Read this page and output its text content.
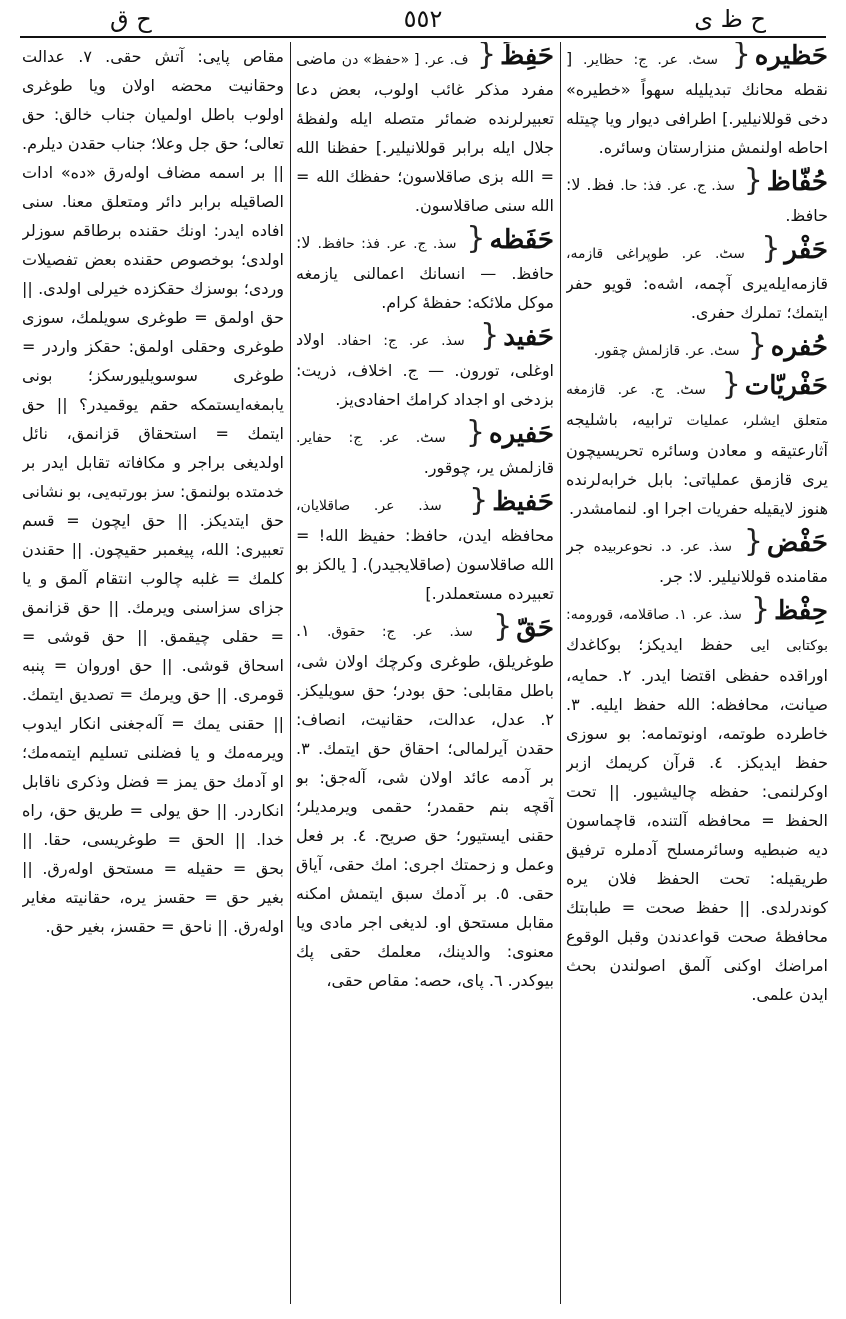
ح ظ ى
٥٥٢
ح ق
حَظيره{ سٹ. عر. ج: حظاير. [ نقطه محانك تبديليله سهواً «خطيره» دخى قوللانيلير.] اطرافى ديوار ويا چيتله احاطه اولنمش منزارستان وسائره.
حُفّاظ{ سذ. ج. عر. فذ: حا. فظ. ﻻ: حافظ.
حَفْر{ سٹ. عر. طوپراغى قازمه، قازمه‌ايله‌يرى آچمه، اشه‌ه: قويو حفر ايتمك؛ تملرك حفرى.
حُفره{ سٹ. عر. قازلمش چقور.
حَفْريّات{ سٹ. ج. عر. قازمغه متعلق ايشلر، عمليات ترابيه، باشليجه آثارعتيقه و معادن وسائره تحريسيچون يرى قازمق عملياتى: بابل خرابه‌لرنده هنوز لايقيله حفريات اجرا او. لنمامشدر.
حَفْض{ سذ. عر. د. نحوعربيده جر مقامنده قوللانيلير. ﻻ: جر.
حِفْظ{ سذ. عر. ١. صاقلامه، قورومه: بوكتابى ايى حفظ ايديكز؛ بوكاغدك اوراقده حفظى اقتضا ايدر. ٢. حمايه، صيانت، محافظه: الله حفظ ايليه. ٣. خاطرده طوتمه، اونوتمامه: بو سوزى حفظ ايديكز. ٤. قرآن كريمك ازبر اوكرلنمى: حفظه چاليشيور. || تحت الحفظ = محافظه آلتنده، قاچماسون ديه ضبطيه وسائرمسلح آدملره ترفيق طريقيله: تحت الحفظ فلان يره كوندرلدى. || حفظ صحت = طبابتك محافظهٔ صحت قواعدندن وقبل الوقوع امراضك اوكنى آلمق اصولندن بحث ايدن علمى.
حَفِظَ{ ف. عر. [ «حفظ» دن ماضى مفرد مذكر غائب اولوب، بعض دعا تعبيرلرنده ضمائر متصله ايله ولفظهٔ جلال ايله برابر قوللانيلير.] حفظنا الله = الله بزى صاقلاسون؛ حفظك الله = الله سنى صاقلاسون.
حَفَظه{ سذ. ج. عر. فذ: حافظ. ﻻ: حافظ. — انسانك اعمالنى يازمغه موكل ملائكه: حفظهٔ كرام.
حَفيد{ سذ. عر. ج: احفاد. اولاد اوغلى، تورون. — ج. اخلاف، ذريت: بزدخى او اجداد كرامك احفادى‌يز.
حَفيره{ سٹ. عر. ج: حفاير. قازلمش ير، چوقور.
حَفيظ{ سذ. عر. صاقلايان، محافظه ايدن، حافظ: حفيظ الله! = الله صاقلاسون (صاقلايجيدر). [ يالكز بو تعبيرده مستعملدر.]
حَقّ{ سذ. عر. ج: حقوق. ١. طوغريلق، طوغرى وكرچك اولان شى، باطل مقابلى: حق بودر؛ حق سويليكز. ٢. عدل، عدالت، حقانيت، انصاف: حقدن آيرلمالى؛ احقاق حق ايتمك. ٣. بر آدمه عائد اولان شى، آله‌جق: بو آقچه بنم حقمدر؛ حقمى ويرمديلر؛ حقنى ايستيور؛ حق صريح. ٤. بر فعل وعمل و زحمتك اجرى: امك حقى، آياق حقى. ٥. بر آدمك سبق ايتمش امكنه مقابل مستحق او. لديغى اجر مادى ويا معنوى: والدينك، معلمك حقى پك بيوكدر. ٦. پاى، حصه: مقاص حقى،

مقاص پايى: آتش حقى. ٧. عدالت وحقانيت محضه اولان ويا طوغرى اولوب باطل اولميان جناب خالق: حق تعالى؛ حق جل وعلا؛ جناب حقدن ديلرم. || بر اسمه مضاف اوله‌رق «ده» ادات الصاقيله برابر دائر ومتعلق معنا. سنى افاده ايدر: اونك حقنده برطاقم سوزلر اولدى؛ بوخصوص حقنده بعض تفصيلات وردى؛ بوسزك حقكزده خيرلى اولدى. || حق اولمق = طوغرى سويلمك، سوزى طوغرى وحقلى اولمق: حقكز واردر = طوغرى سوسويليورسكز؛ بونى يابمغه‌ايستمكه حقم يوقميدر؟ || حق ايتمك = استحقاق قزانمق، نائل اولديغى براجر و مكافاته تقابل ايدر بر خدمتده بولنمق: سز بورتبه‌يى، بو نشانى حق ايتديكز. || حق ايچون = قسم تعبيرى: الله، پيغمبر حقيچون. || حقندن كلمك = غلبه چالوب انتقام آلمق و يا جزاى سزاسنى ويرمك. || حق قزانمق = حقلى چيقمق. || حق قوشى = اسحاق قوشى. || حق اوروان = پنبه قومرى. || حق ويرمك = تصديق ايتمك. || حقنى يمك = آله‌جغنى انكار ايدوب ويرمه‌مك و يا فضلنى تسليم ايتمه‌مك؛ او آدمك حق يمز = فضل وذكرى ناقابل انكاردر. || حق يولى = طريق حق، راه خدا. || الحق = طوغريسى، حقا. || بحق = حقيله = مستحق اوله‌رق. || بغير حق = حقسز يره، حقانيته مغاير اوله‌رق. || ناحق = حقسز، بغير حق.
